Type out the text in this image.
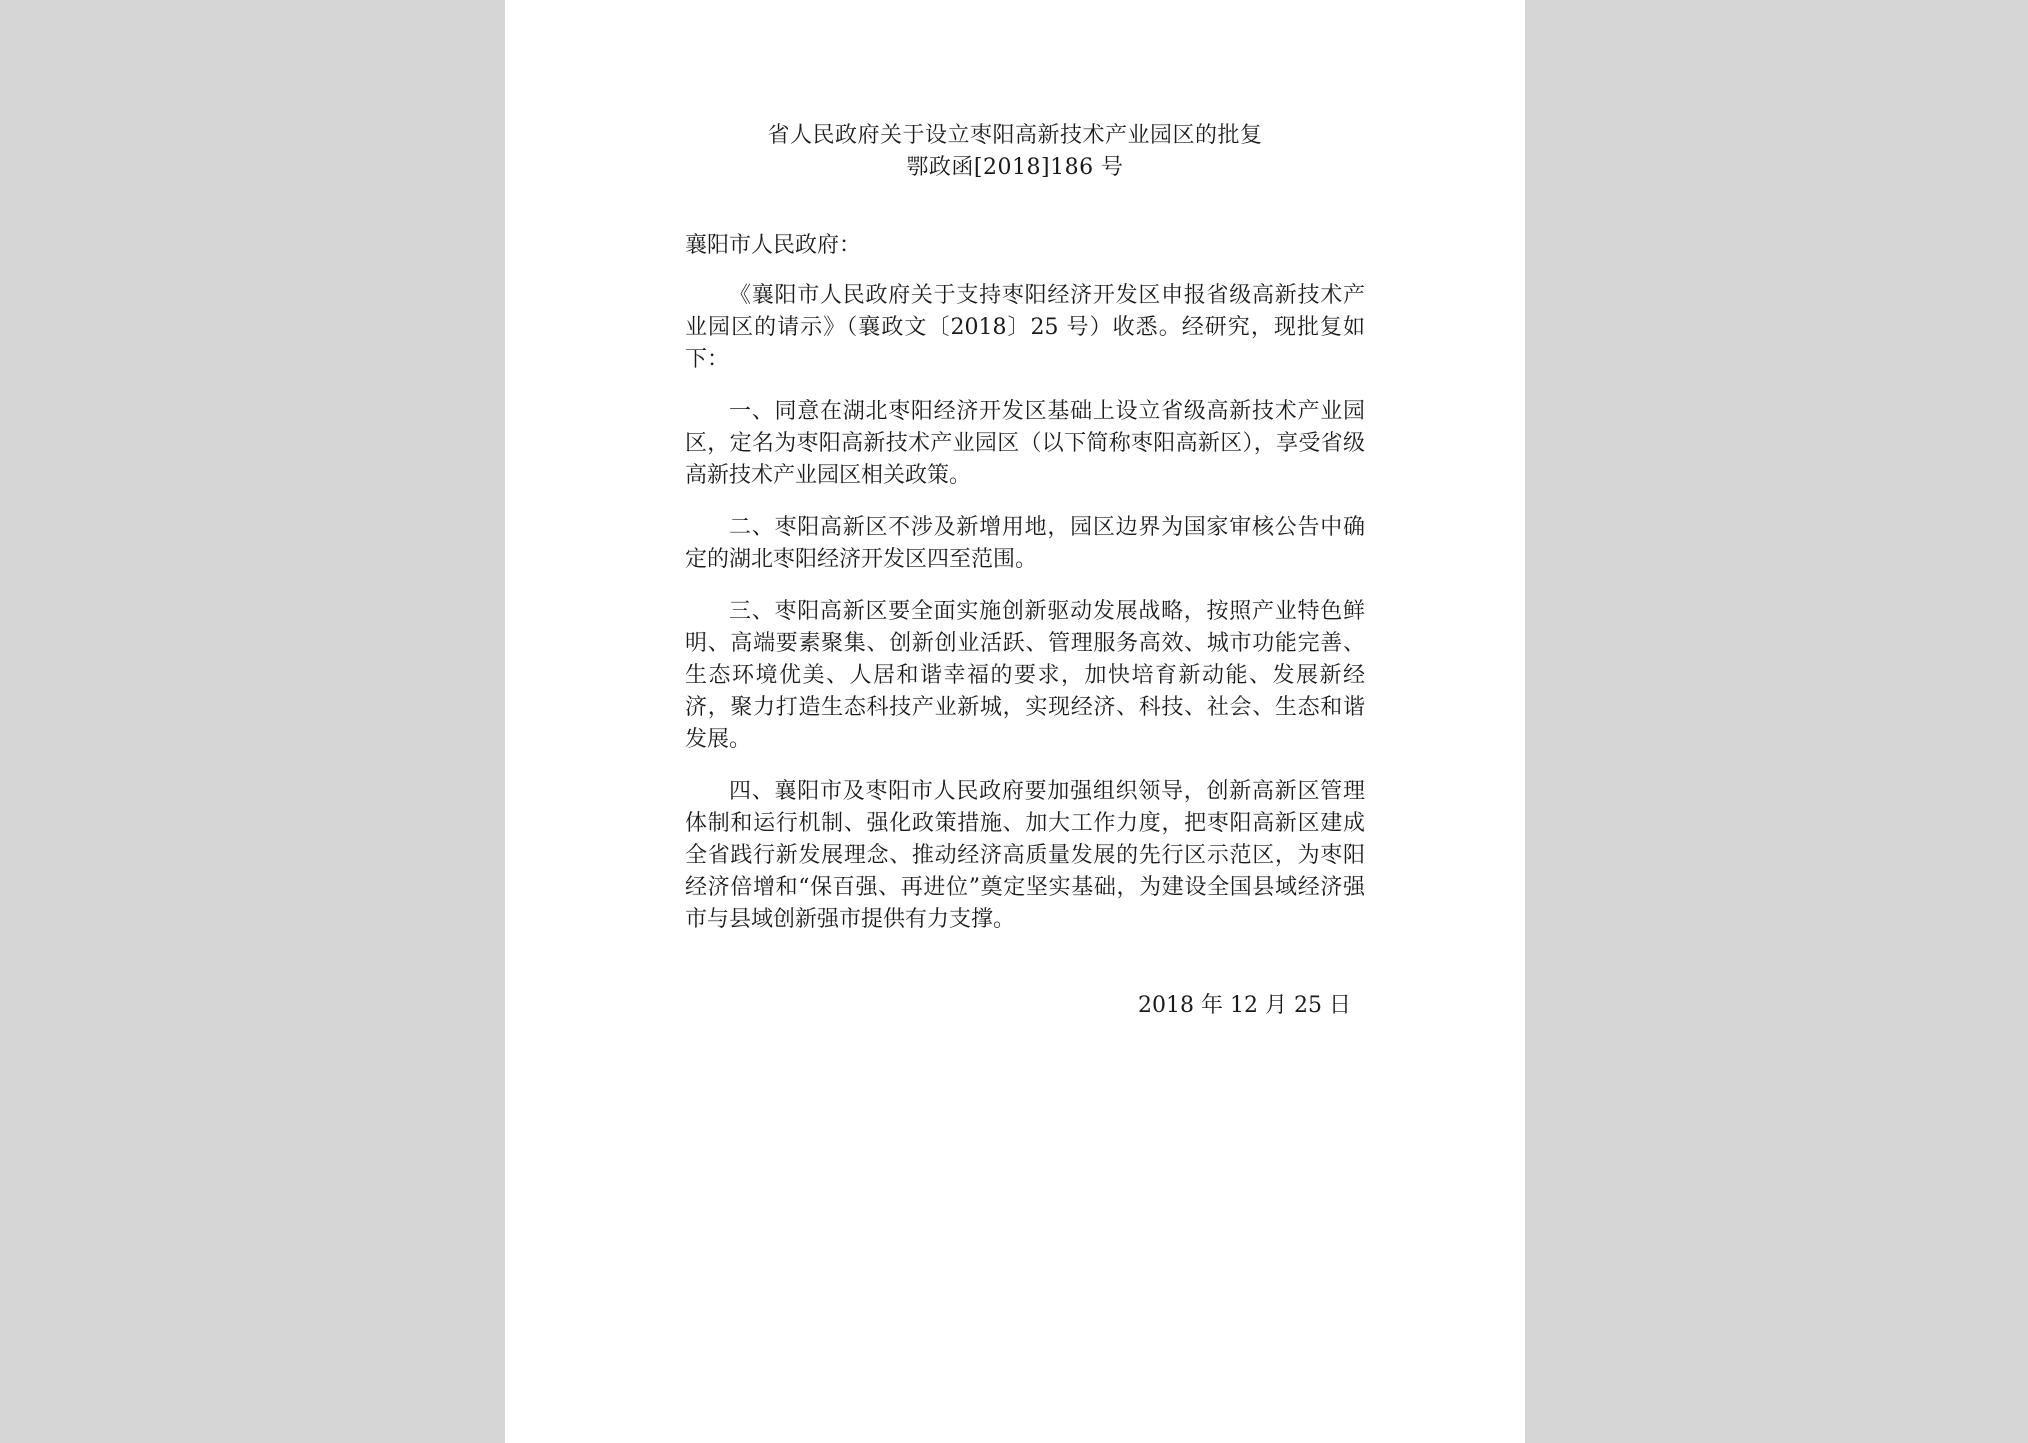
省人民政府关于设立枣阳高新技术产业园区的批复
鄂政函[2018]186 号

襄阳市人民政府：

《襄阳市人民政府关于支持枣阳经济开发区申报省级高新技术产业园区的请示》（襄政文〔2018〕25 号）收悉。经研究，现批复如下：

一、同意在湖北枣阳经济开发区基础上设立省级高新技术产业园区，定名为枣阳高新技术产业园区（以下简称枣阳高新区），享受省级高新技术产业园区相关政策。

二、枣阳高新区不涉及新增用地，园区边界为国家审核公告中确定的湖北枣阳经济开发区四至范围。

三、枣阳高新区要全面实施创新驱动发展战略，按照产业特色鲜明、高端要素聚集、创新创业活跃、管理服务高效、城市功能完善、生态环境优美、人居和谐幸福的要求，加快培育新动能、发展新经济，聚力打造生态科技产业新城，实现经济、科技、社会、生态和谐发展。

四、襄阳市及枣阳市人民政府要加强组织领导，创新高新区管理体制和运行机制、强化政策措施、加大工作力度，把枣阳高新区建成全省践行新发展理念、推动经济高质量发展的先行区示范区，为枣阳经济倍增和“保百强、再进位”奠定坚实基础，为建设全国县域经济强市与县域创新强市提供有力支撑。

2018 年 12 月 25 日
